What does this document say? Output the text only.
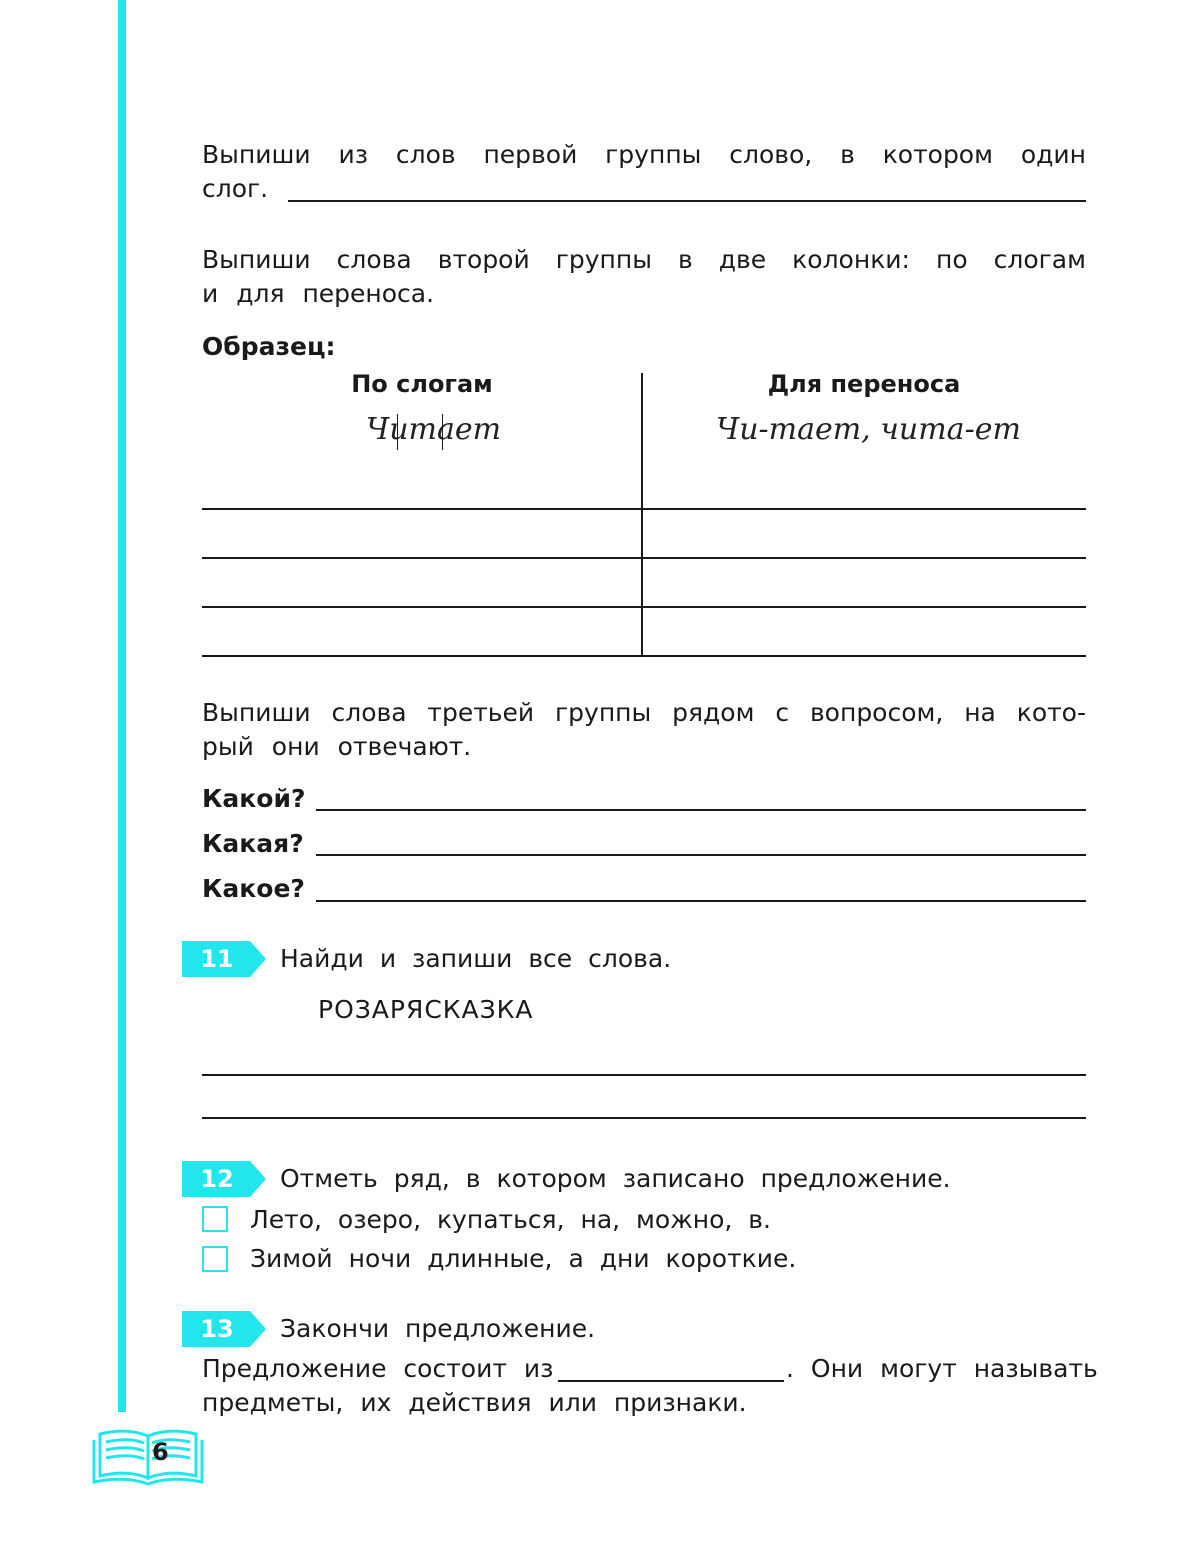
Выпиши из слов первой группы слово, в котором один
слог.
Выпиши слова второй группы в две колонки: по слогам
и для переноса.
Образец:
По слогам	Для переноса
Читает	Чи-тает, чита-ет
Выпиши слова третьей группы рядом с вопросом, на кото-
рый они отвечают.
Какой?
Какая?
Какое?
11	Найди и запиши все слова.
РОЗАРЯСКАЗКА
12	Отметь ряд, в котором записано предложение.
Лето, озеро, купаться, на, можно, в.
Зимой ночи длинные, а дни короткие.
13	Закончи предложение.
Предложение состоит из	. Они могут называть
предметы, их действия или признаки.
6
